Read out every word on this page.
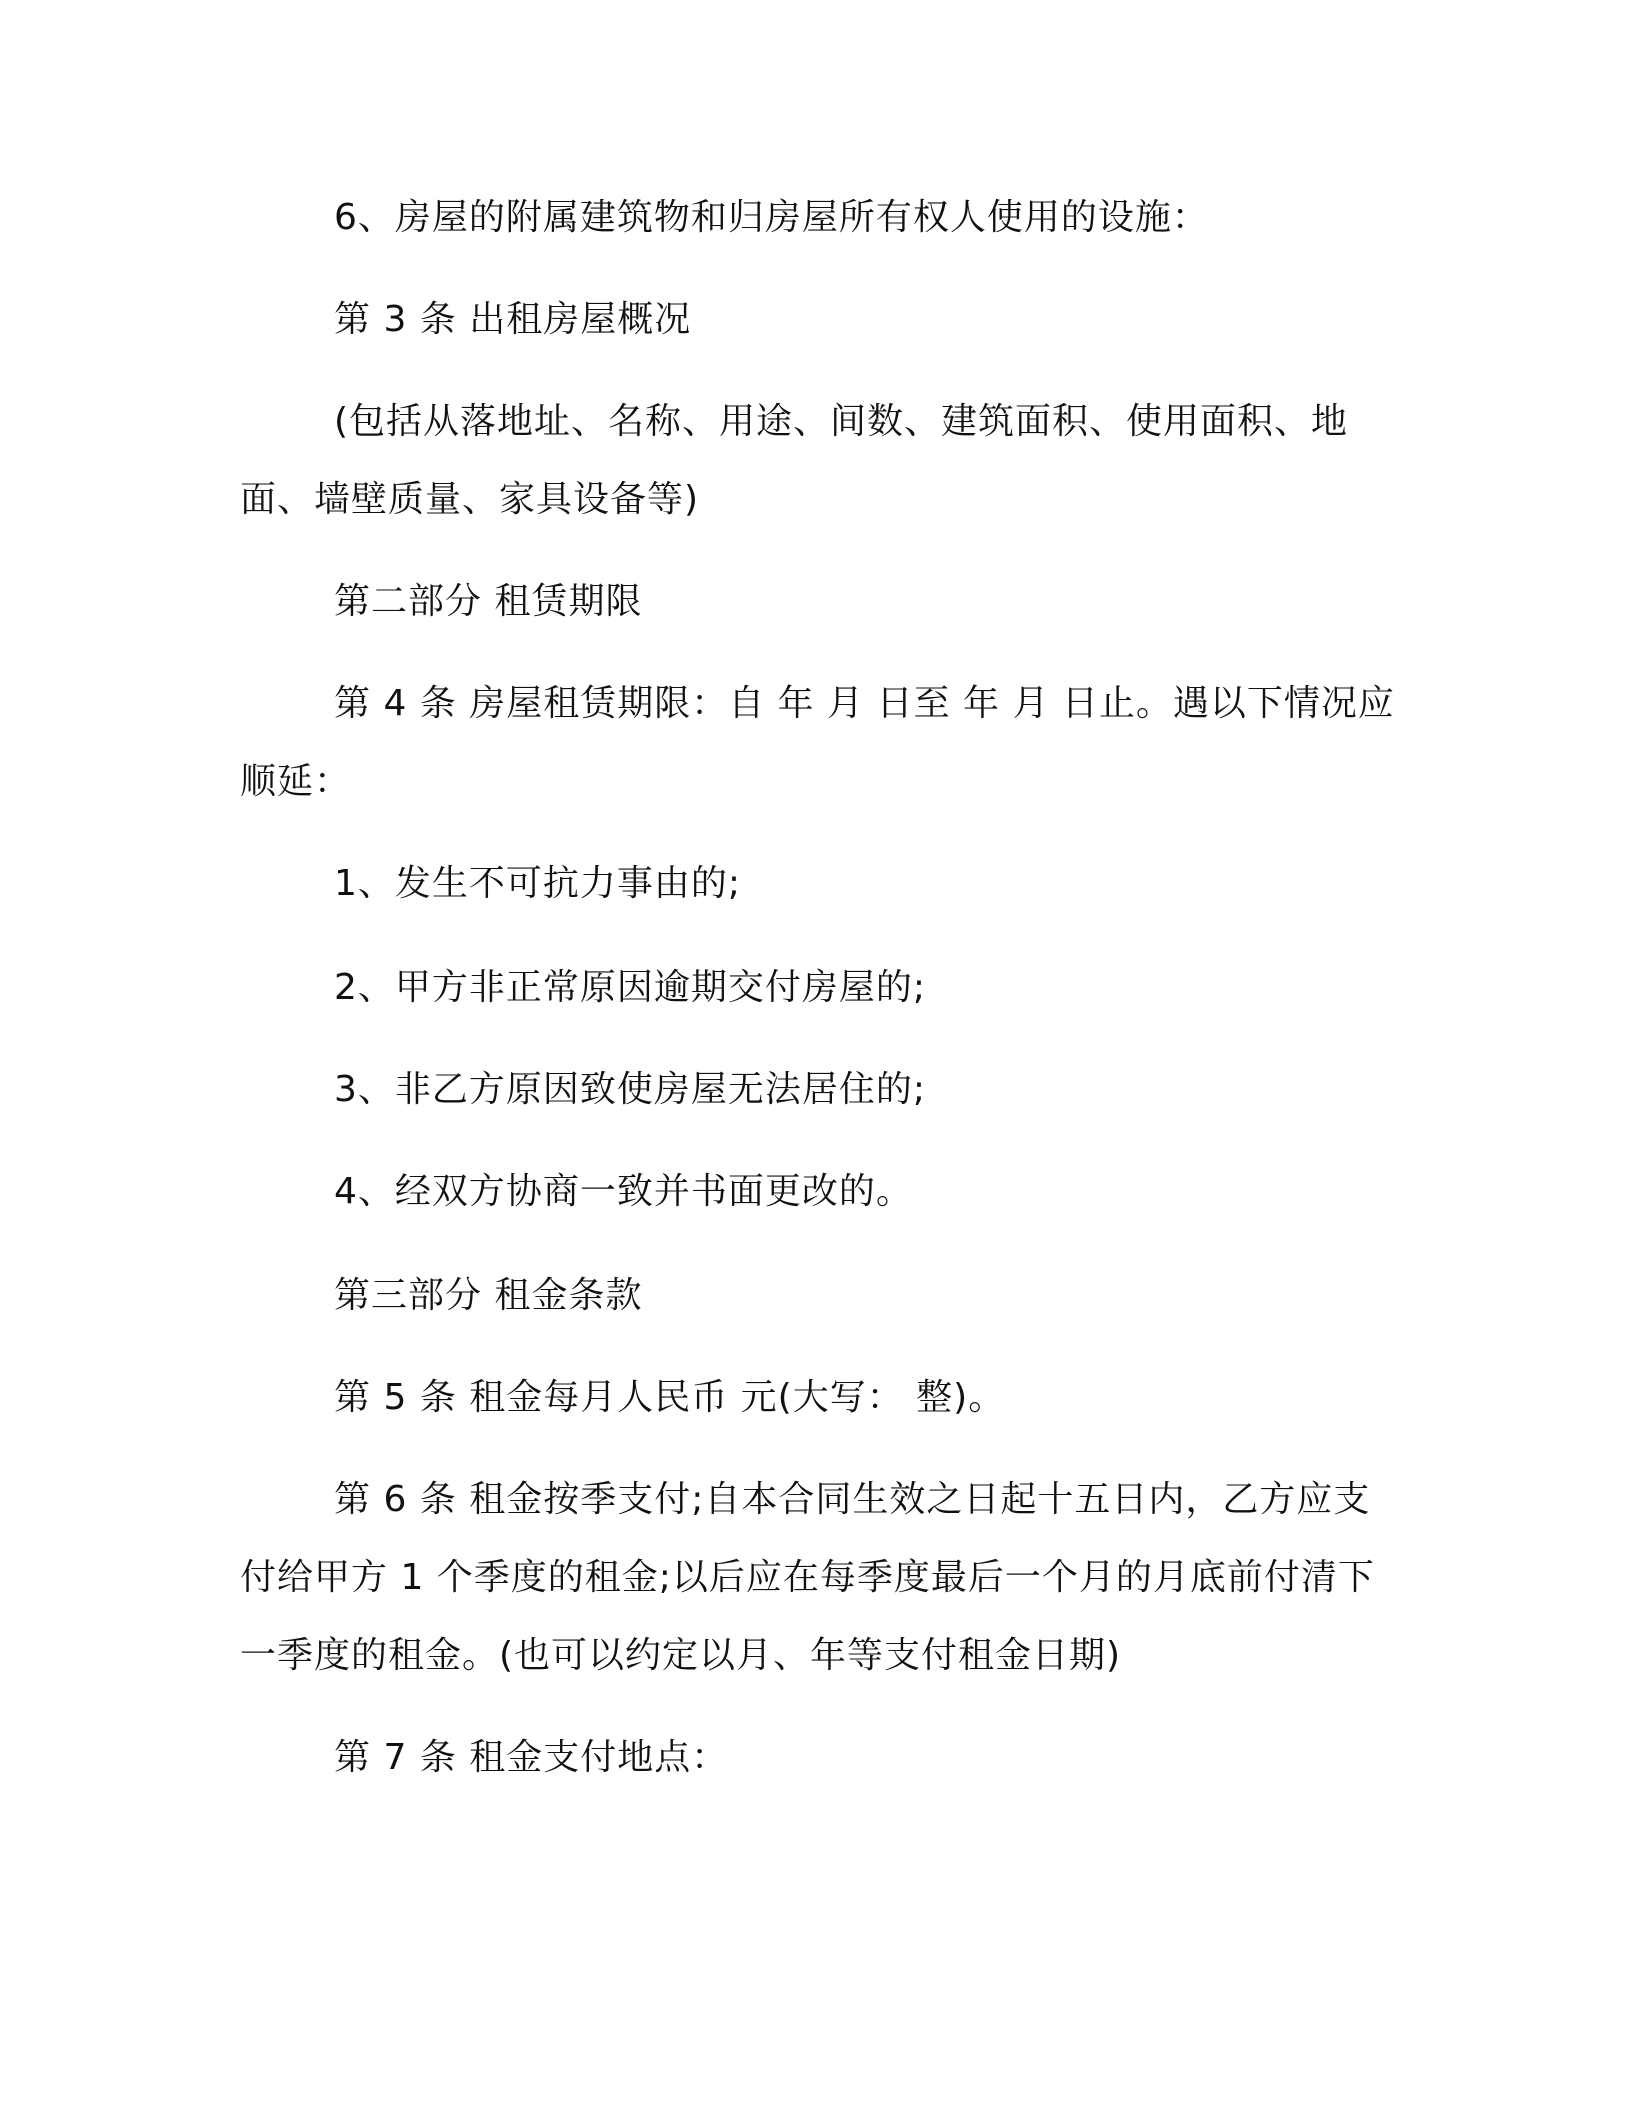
6、房屋的附属建筑物和归房屋所有权人使用的设施：
第 3 条 出租房屋概况
(包括从落地址、名称、用途、间数、建筑面积、使用面积、地
面、墙壁质量、家具设备等)
第二部分 租赁期限
第 4 条 房屋租赁期限：自 年 月 日至 年 月 日止。遇以下情况应
顺延：
1、发生不可抗力事由的;
2、甲方非正常原因逾期交付房屋的;
3、非乙方原因致使房屋无法居住的;
4、经双方协商一致并书面更改的。
第三部分 租金条款
第 5 条 租金每月人民币 元(大写： 整)。
第 6 条 租金按季支付;自本合同生效之日起十五日内，乙方应支
付给甲方 1 个季度的租金;以后应在每季度最后一个月的月底前付清下
一季度的租金。(也可以约定以月、年等支付租金日期)
第 7 条 租金支付地点：
